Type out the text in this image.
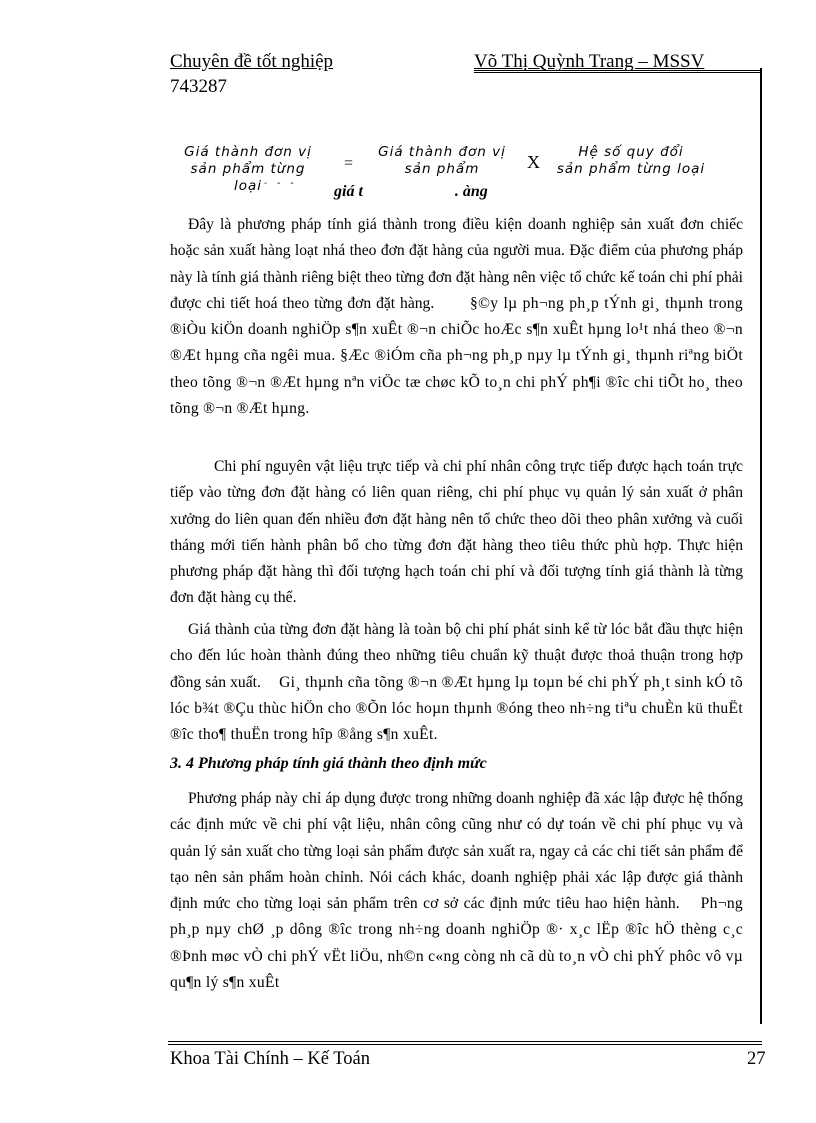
Chuyên đề tốt nghiệp	Võ Thị Quỳnh Trang – MSSV
743287
Giá thành đơn vị
sản phẩm từng loại
=
Giá thành đơn vị
sản phẩm	X	Hệ số quy đổi
sản phẩm từng loại
˘ ˆ ˆ giá t	. àng

Đây là phương pháp tính giá thành trong điều kiện doanh nghiệp sản xuất đơn chiếc hoặc sản xuất hàng loạt nhá theo đơn đặt hàng của người mua. Đặc điểm của phương pháp này là tính giá thành riêng biệt theo từng đơn đặt hàng nên việc tổ chức kế toán chi phí phải được chi tiết hoá theo từng đơn đặt hàng. §©y lµ ph¬ng ph¸p tÝnh gi¸ thµnh trong ®iÒu kiÖn doanh nghiÖp s¶n xuÊt ®¬n chiÕc hoÆc s¶n xuÊt hµng lo¹t nhá theo ®¬n ®Æt hµng cña ngêi mua. §Æc ®iÓm cña ph¬ng ph¸p nµy lµ tÝnh gi¸ thµnh riªng biÖt theo tõng ®¬n ®Æt hµng nªn viÖc tæ chøc kÕ to¸n chi phÝ ph¶i ®îc chi tiÕt ho¸ theo tõng ®¬n ®Æt hµng.

Chi phí nguyên vật liệu trực tiếp và chi phí nhân công trực tiếp được hạch toán trực tiếp vào từng đơn đặt hàng có liên quan riêng, chi phí phục vụ quản lý sản xuất ở phân xưởng do liên quan đến nhiều đơn đặt hàng nên tổ chức theo dõi theo phân xưởng và cuối tháng mới tiến hành phân bổ cho từng đơn đặt hàng theo tiêu thức phù hợp. Thực hiện phương pháp đặt hàng thì đối tượng hạch toán chi phí và đối tượng tính giá thành là từng đơn đặt hàng cụ thể.

Giá thành của từng đơn đặt hàng là toàn bộ chi phí phát sinh kể từ lóc bắt đầu thực hiện cho đến lúc hoàn thành đúng theo những tiêu chuẩn kỹ thuật được thoả thuận trong hợp đồng sản xuất. Gi¸ thµnh cña tõng ®¬n ®Æt hµng lµ toµn bé chi phÝ ph¸t sinh kÓ tõ lóc b¾t ®Çu thùc hiÖn cho ®Õn lóc hoµn thµnh ®óng theo nh÷ng tiªu chuÈn kü thuËt ®îc tho¶ thuËn trong hîp ®ång s¶n xuÊt.

3. 4 Phương pháp tính giá thành theo định mức

Phương pháp này chỉ áp dụng được trong những doanh nghiệp đã xác lập được hệ thống các định mức về chi phí vật liệu, nhân công cũng như có dự toán về chi phí phục vụ và quản lý sản xuất cho từng loại sản phẩm được sản xuất ra, ngay cả các chi tiết sản phẩm để tạo nên sản phẩm hoàn chỉnh. Nói cách khác, doanh nghiệp phải xác lập được giá thành định mức cho từng loại sản phẩm trên cơ sở các định mức tiêu hao hiện hành. Ph¬ng ph¸p nµy chØ ¸p dông ®îc trong nh÷ng doanh nghiÖp ®· x¸c lËp ®îc hÖ thèng c¸c ®Þnh møc vÒ chi phÝ vËt liÖu, nh©n c«ng còng nh cã dù to¸n vÒ chi phÝ phôc vô vµ qu¶n lý s¶n xuÊt

Khoa Tài Chính – Kế Toán	27
